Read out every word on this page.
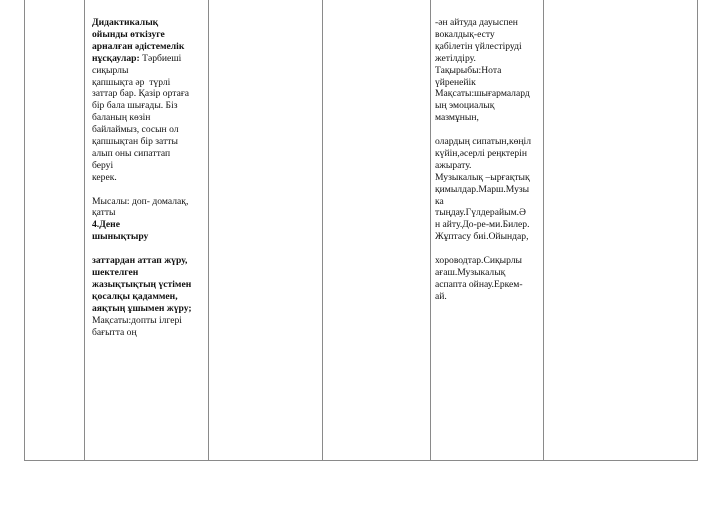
Дидактикалық

ойынды өткізуге

арналған әдістемелік

нұсқаулар: Тәрбиеші

сиқырлы

қапшықта әр  түрлі

заттар бар. Қазір ортаға

бір бала шығады. Біз

баланың көзін

байлаймыз, сосын ол

қапшықтан бір затты

алып оны сипаттап

беруі

керек.

Мысалы: доп- домалақ,

қатты

4.Дене

шынықтыру

заттардан аттап жүру,

шектелген

жазықтықтың үстімен

қосалқы қадаммен,

аяқтың ұшымен жүру;

Мақсаты:допты ілгері

бағытта оң

-ән айтуда дауыспен

вокалдық-есту

қабілетін үйлестіруді

жетілдіру.

Тақырыбы:Нота

үйренейік

Мақсаты:шығармалард

ың эмоциалық

мазмұнын,

олардың сипатын,көңіл

күйін,әсерлі реңктерін

ажырату.

Музыкалық –ырғақтық

қимылдар.Марш.Музы

ка

тыңдау.Гүлдерайым.Ә

н айту.До-ре-ми.Билер.

Жұптасу биі.Ойындар,

хороводтар.Сиқырлы

ағаш.Музыкалық

аспапта ойнау.Еркем-

ай.
